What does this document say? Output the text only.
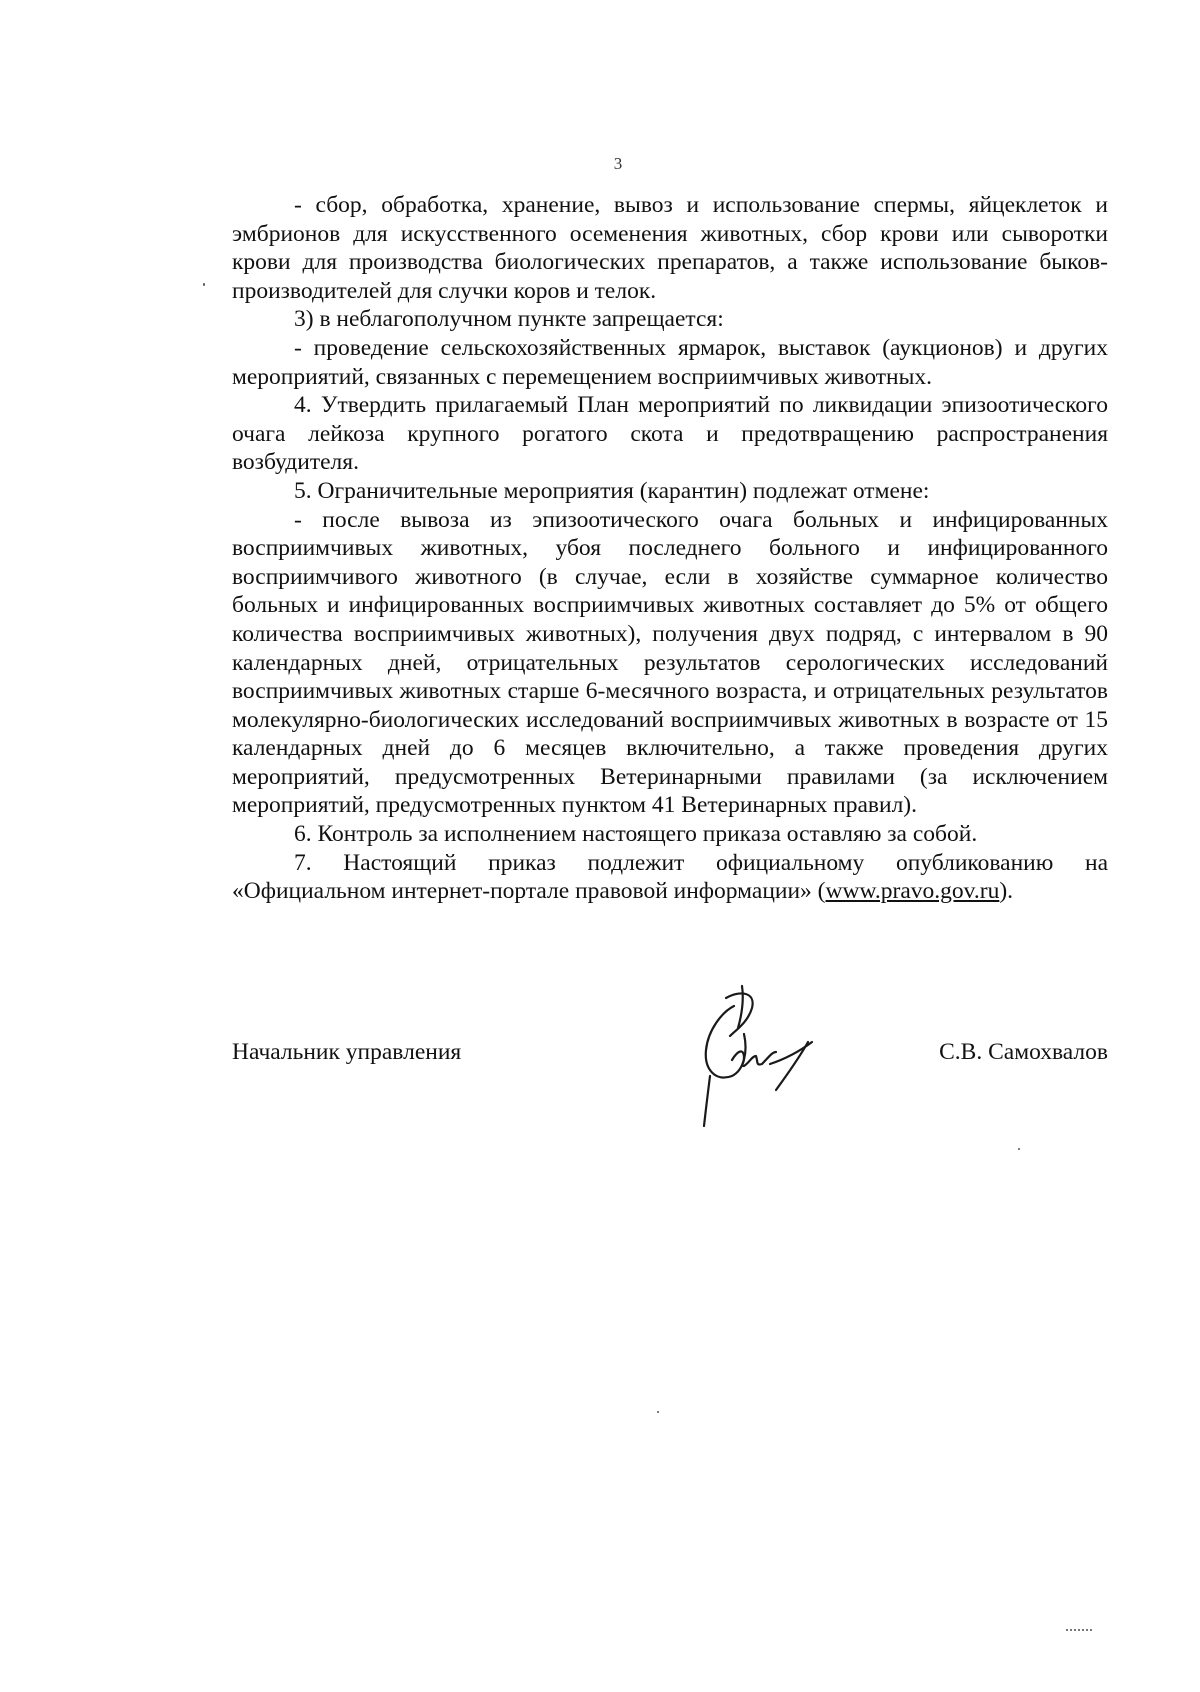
3

- сбор, обработка, хранение, вывоз и использование спермы, яйцеклеток и эмбрионов для искусственного осеменения животных, сбор крови или сыворотки крови для производства биологических препаратов, а также использование быков-производителей для случки коров и телок.

3) в неблагополучном пункте запрещается:

- проведение сельскохозяйственных ярмарок, выставок (аукционов) и других мероприятий, связанных с перемещением восприимчивых животных.

4. Утвердить прилагаемый План мероприятий по ликвидации эпизоотического очага лейкоза крупного рогатого скота и предотвращению распространения возбудителя.

5. Ограничительные мероприятия (карантин) подлежат отмене:

- после вывоза из эпизоотического очага больных и инфицированных восприимчивых животных, убоя последнего больного и инфицированного восприимчивого животного (в случае, если в хозяйстве суммарное количество больных и инфицированных восприимчивых животных составляет до 5% от общего количества восприимчивых животных), получения двух подряд, с интервалом в 90 календарных дней, отрицательных результатов серологических исследований восприимчивых животных старше 6-месячного возраста, и отрицательных результатов молекулярно-биологических исследований восприимчивых животных в возрасте от 15 календарных дней до 6 месяцев включительно, а также проведения других мероприятий, предусмотренных Ветеринарными правилами (за исключением мероприятий, предусмотренных пунктом 41 Ветеринарных правил).

6. Контроль за исполнением настоящего приказа оставляю за собой.

7. Настоящий приказ подлежит официальному опубликованию на «Официальном интернет-портале правовой информации» (www.pravo.gov.ru).

Начальник управления	С.В. Самохвалов
